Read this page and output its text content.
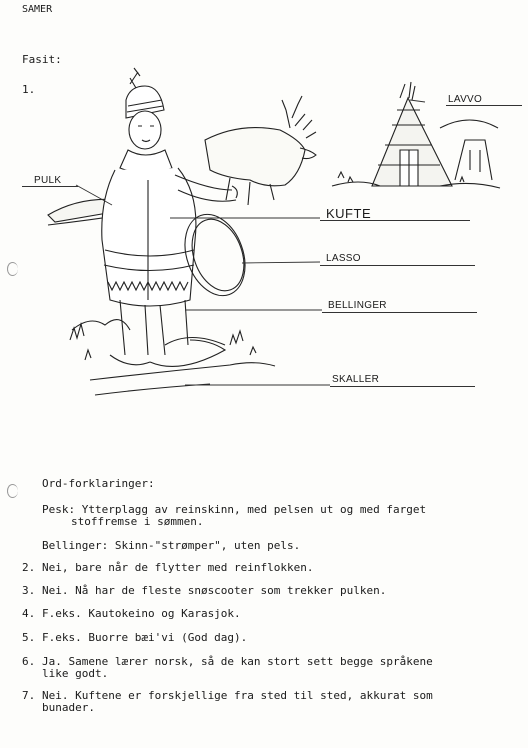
SAMER
Fasit:
1.
LAVVO
PULK
KUFTE
LASSO
BELLINGER
SKALLER
Ord-forklaringer:
Pesk: Ytterplagg av reinskinn, med pelsen ut og med farget
stoffremse i sømmen.
Bellinger: Skinn-"strømper", uten pels.
2. Nei, bare når de flytter med reinflokken.
3. Nei. Nå har de fleste snøscooter som trekker pulken.
4. F.eks. Kautokeino og Karasjok.
5. F.eks. Buorre bæi'vi (God dag).
6. Ja. Samene lærer norsk, så de kan stort sett begge språkene
like godt.
7. Nei. Kuftene er forskjellige fra sted til sted, akkurat som
bunader.
